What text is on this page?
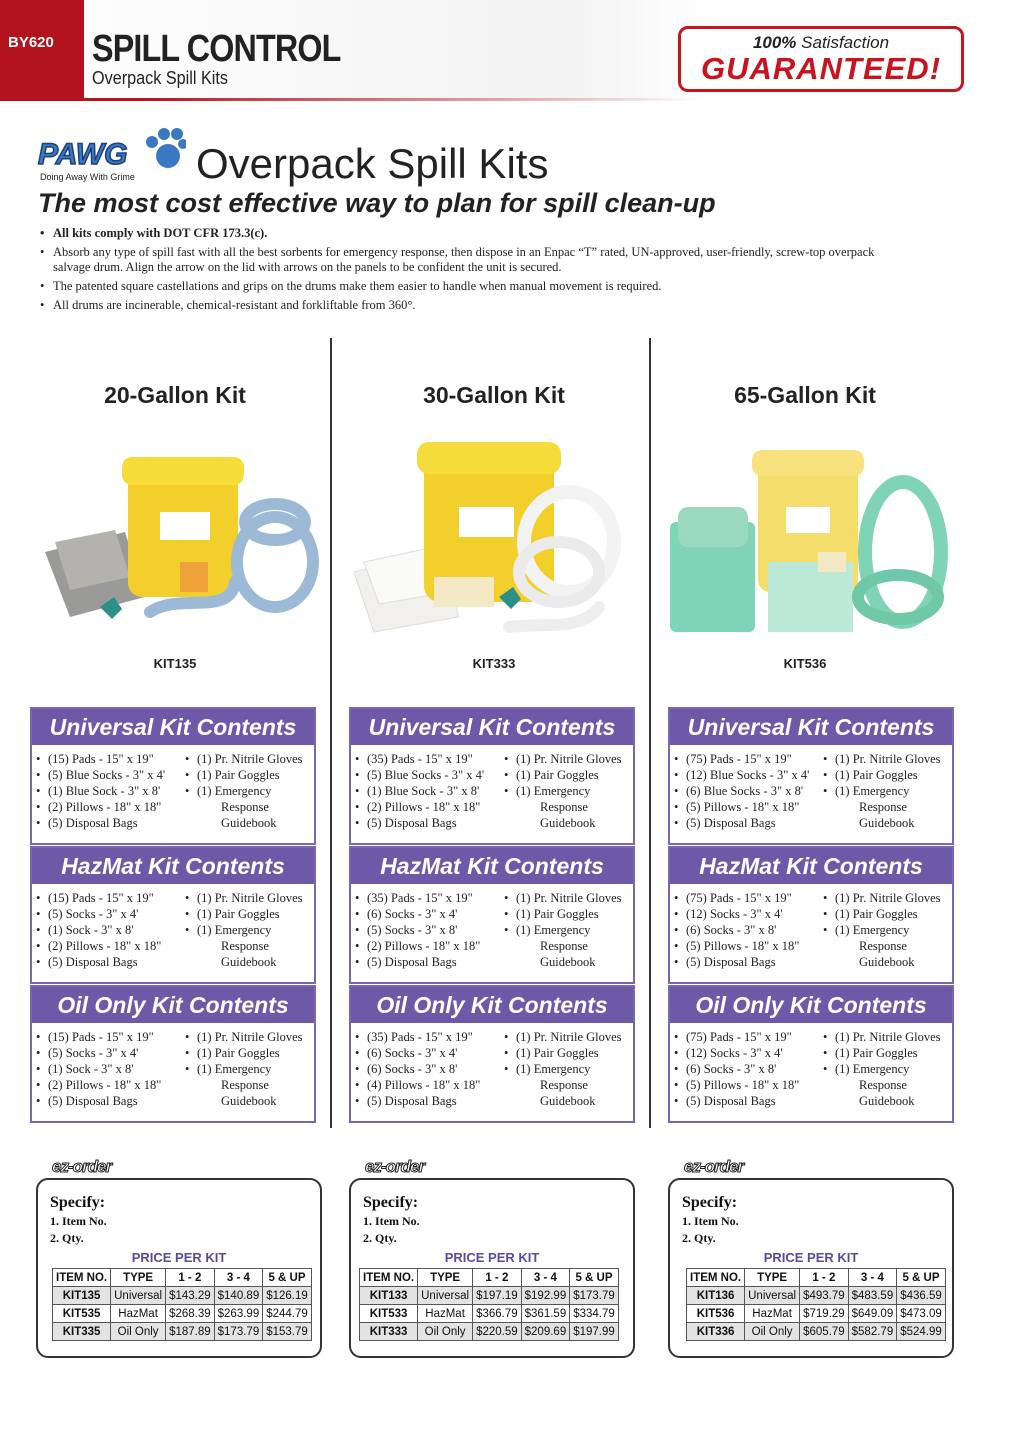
BY620 SPILL CONTROL
Overpack Spill Kits
100% Satisfaction
GUARANTEED!
PAWG
Doing Away With Grime Overpack Spill Kits
The most cost effective way to plan for spill clean-up
• All kits comply with DOT CFR 173.3(c).
• Absorb any type of spill fast with all the best sorbents for emergency response, then dispose in an Enpac “T” rated, UN-approved, user-friendly, screw-top overpack salvage drum. Align the arrow on the lid with arrows on the panels to be confident the unit is secured.
• The patented square castellations and grips on the drums make them easier to handle when manual movement is required.
• All drums are incinerable, chemical-resistant and forkliftable from 360°.
20-Gallon Kit
KIT135
Universal Kit Contents
• (15) Pads - 15" x 19"
• (5) Blue Socks - 3" x 4'
• (1) Blue Sock - 3" x 8'
• (2) Pillows - 18" x 18"
• (5) Disposal Bags
• (1) Pr. Nitrile Gloves
• (1) Pair Goggles
• (1) Emergency
Response
Guidebook
HazMat Kit Contents
• (15) Pads - 15" x 19"
• (5) Socks - 3" x 4'
• (1) Sock - 3" x 8'
• (2) Pillows - 18" x 18"
• (5) Disposal Bags
• (1) Pr. Nitrile Gloves
• (1) Pair Goggles
• (1) Emergency
Response
Guidebook
Oil Only Kit Contents
• (15) Pads - 15" x 19"
• (5) Socks - 3" x 4'
• (1) Sock - 3" x 8'
• (2) Pillows - 18" x 18"
• (5) Disposal Bags
• (1) Pr. Nitrile Gloves
• (1) Pair Goggles
• (1) Emergency
Response
Guidebook
Specify:
1. Item No.
2. Qty.
PRICE PER KIT
ITEM NO.	TYPE	1 - 2	3 - 4	5 & UP
KIT135	Universal	$143.29	$140.89	$126.19
KIT535	HazMat	$268.39	$263.99	$244.79
KIT335	Oil Only	$187.89	$173.79	$153.79
ez-order
30-Gallon Kit
KIT333
Universal Kit Contents
• (35) Pads - 15" x 19"
• (5) Blue Socks - 3" x 4'
• (1) Blue Sock - 3" x 8'
• (2) Pillows - 18" x 18"
• (5) Disposal Bags
• (1) Pr. Nitrile Gloves
• (1) Pair Goggles
• (1) Emergency
Response
Guidebook
HazMat Kit Contents
• (35) Pads - 15" x 19"
• (6) Socks - 3" x 4'
• (5) Socks - 3" x 8'
• (2) Pillows - 18" x 18"
• (5) Disposal Bags
• (1) Pr. Nitrile Gloves
• (1) Pair Goggles
• (1) Emergency
Response
Guidebook
Oil Only Kit Contents
• (35) Pads - 15" x 19"
• (6) Socks - 3" x 4'
• (6) Socks - 3" x 8'
• (4) Pillows - 18" x 18"
• (5) Disposal Bags
• (1) Pr. Nitrile Gloves
• (1) Pair Goggles
• (1) Emergency
Response
Guidebook
Specify:
1. Item No.
2. Qty.
PRICE PER KIT
ITEM NO.	TYPE	1 - 2	3 - 4	5 & UP
KIT133	Universal	$197.19	$192.99	$173.79
KIT533	HazMat	$366.79	$361.59	$334.79
KIT333	Oil Only	$220.59	$209.69	$197.99
ez-order
65-Gallon Kit
KIT536
Universal Kit Contents
• (75) Pads - 15" x 19"
• (12) Blue Socks - 3" x 4'
• (6) Blue Socks - 3" x 8'
• (5) Pillows - 18" x 18"
• (5) Disposal Bags
• (1) Pr. Nitrile Gloves
• (1) Pair Goggles
• (1) Emergency
Response
Guidebook
HazMat Kit Contents
• (75) Pads - 15" x 19"
• (12) Socks - 3" x 4'
• (6) Socks - 3" x 8'
• (5) Pillows - 18" x 18"
• (5) Disposal Bags
• (1) Pr. Nitrile Gloves
• (1) Pair Goggles
• (1) Emergency
Response
Guidebook
Oil Only Kit Contents
• (75) Pads - 15" x 19"
• (12) Socks - 3" x 4'
• (6) Socks - 3" x 8'
• (5) Pillows - 18" x 18"
• (5) Disposal Bags
• (1) Pr. Nitrile Gloves
• (1) Pair Goggles
• (1) Emergency
Response
Guidebook
Specify:
1. Item No.
2. Qty.
PRICE PER KIT
ITEM NO.	TYPE	1 - 2	3 - 4	5 & UP
KIT136	Universal	$493.79	$483.59	$436.59
KIT536	HazMat	$719.29	$649.09	$473.09
KIT336	Oil Only	$605.79	$582.79	$524.99
ez-order
